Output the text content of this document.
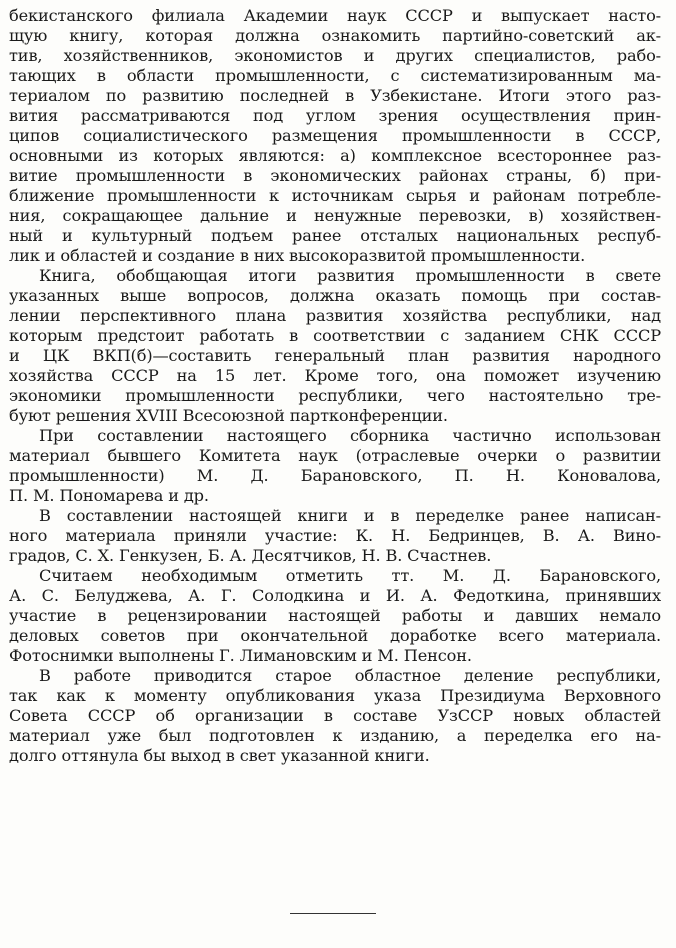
бекистанского филиала Академии наук СССР и выпускает насто-
щую книгу, которая должна ознакомить партийно-советский ак-
тив, хозяйственников, экономистов и других специалистов, рабо-
тающих в области промышленности, с систематизированным ма-
териалом по развитию последней в Узбекистане. Итоги этого раз-
вития рассматриваются под углом зрения осуществления прин-
ципов социалистического размещения промышленности в СССР,
основными из которых являются: а) комплексное всестороннее раз-
витие промышленности в экономических районах страны, б) при-
ближение промышленности к источникам сырья и районам потребле-
ния, сокращающее дальние и ненужные перевозки, в) хозяйствен-
ный и культурный подъем ранее отсталых национальных респуб-
лик и областей и создание в них высокоразвитой промышленности.
Книга, обобщающая итоги развития промышленности в свете
указанных выше вопросов, должна оказать помощь при состав-
лении перспективного плана развития хозяйства республики, над
которым предстоит работать в соответствии с заданием СНК СССР
и ЦК ВКП(б)—составить генеральный план развития народного
хозяйства СССР на 15 лет. Кроме того, она поможет изучению
экономики промышленности республики, чего настоятельно тре-
буют решения XVIII Всесоюзной партконференции.
При составлении настоящего сборника частично использован
материал бывшего Комитета наук (отраслевые очерки о развитии
промышленности) М. Д. Барановского, П. Н. Коновалова,
П. М. Пономарева и др.
В составлении настоящей книги и в переделке ранее написан-
ного материала приняли участие: К. Н. Бедринцев, В. А. Вино-
градов, С. Х. Генкузен, Б. А. Десятчиков, Н. В. Счастнев.
Считаем необходимым отметить тт. М. Д. Барановского,
А. С. Белуджева, А. Г. Солодкина и И. А. Федоткина, принявших
участие в рецензировании настоящей работы и давших немало
деловых советов при окончательной доработке всего материала.
Фотоснимки выполнены Г. Лимановским и М. Пенсон.
В работе приводится старое областное деление республики,
так как к моменту опубликования указа Президиума Верховного
Совета СССР об организации в составе УзССР новых областей
материал уже был подготовлен к изданию, а переделка его на-
долго оттянула бы выход в свет указанной книги.
